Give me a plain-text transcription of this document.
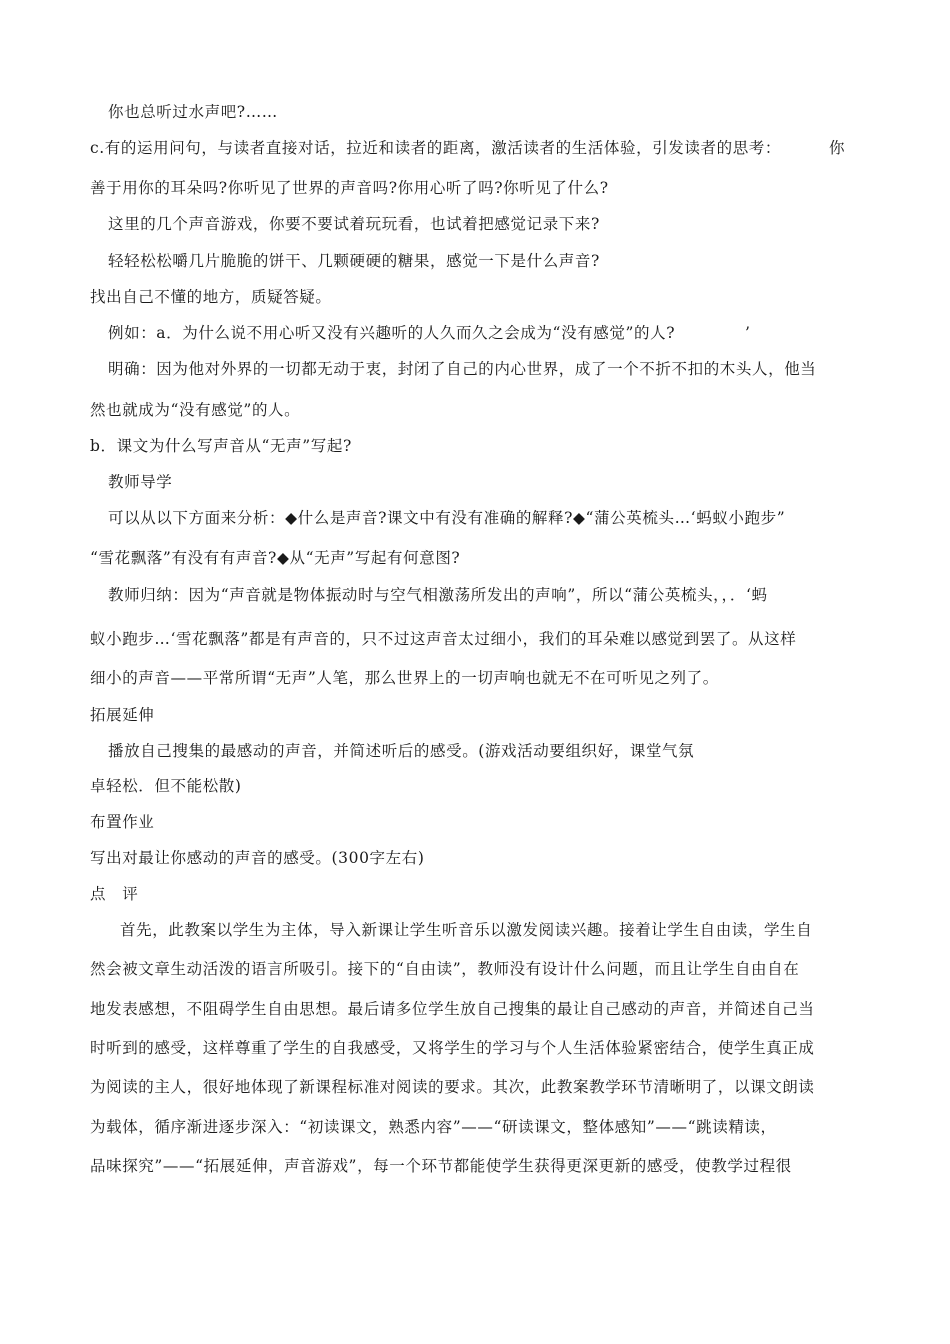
你也总听过水声吧?……
c.有的运用问句，与读者直接对话，拉近和读者的距离，激活读者的生活体验，引发读者的思考：	你
善于用你的耳朵吗?你听见了世界的声音吗?你用心听了吗?你听见了什么?
这里的几个声音游戏，你要不要试着玩玩看，也试着把感觉记录下来?
轻轻松松嚼几片脆脆的饼干、几颗硬硬的糖果，感觉一下是什么声音?
找出自己不懂的地方，质疑答疑。
例如：a．为什么说不用心听又没有兴趣听的人久而久之会成为“没有感觉”的人?	’
明确：因为他对外界的一切都无动于衷，封闭了自己的内心世界，成了一个不折不扣的木头人，他当
然也就成为“没有感觉”的人。
b．课文为什么写声音从“无声”写起?
教师导学
可以从以下方面来分析：◆什么是声音?课文中有没有准确的解释?◆“蒲公英梳头…‘蚂蚁小跑步”
“雪花飘落”有没有有声音?◆从“无声”写起有何意图?
教师归纳：因为“声音就是物体振动时与空气相激荡所发出的声响”，所以“蒲公英梳头，，．‘蚂
蚁小跑步…‘雪花飘落”都是有声音的，只不过这声音太过细小，我们的耳朵难以感觉到罢了。从这样
细小的声音——平常所谓“无声”人笔，那么世界上的一切声响也就无不在可听见之列了。
拓展延伸
播放自己搜集的最感动的声音，并简述听后的感受。(游戏活动要组织好，课堂气氛
卓轻松．但不能松散)
布置作业
写出对最让你感动的声音的感受。(300字左右)
点　评
首先，此教案以学生为主体，导入新课让学生听音乐以激发阅读兴趣。接着让学生自由读，学生自
然会被文章生动活泼的语言所吸引。接下的“自由读”，教师没有设计什么问题，而且让学生自由自在
地发表感想，不阻碍学生自由思想。最后请多位学生放自己搜集的最让自己感动的声音，并简述自己当
时听到的感受，这样尊重了学生的自我感受，又将学生的学习与个人生活体验紧密结合，使学生真正成
为阅读的主人，很好地体现了新课程标准对阅读的要求。其次，此教案教学环节清晰明了，以课文朗读
为载体，循序渐进逐步深入：“初读课文，熟悉内容”——“研读课文，整体感知”——“跳读精读，
品味探究”——“拓展延伸，声音游戏”，每一个环节都能使学生获得更深更新的感受，使教学过程很
